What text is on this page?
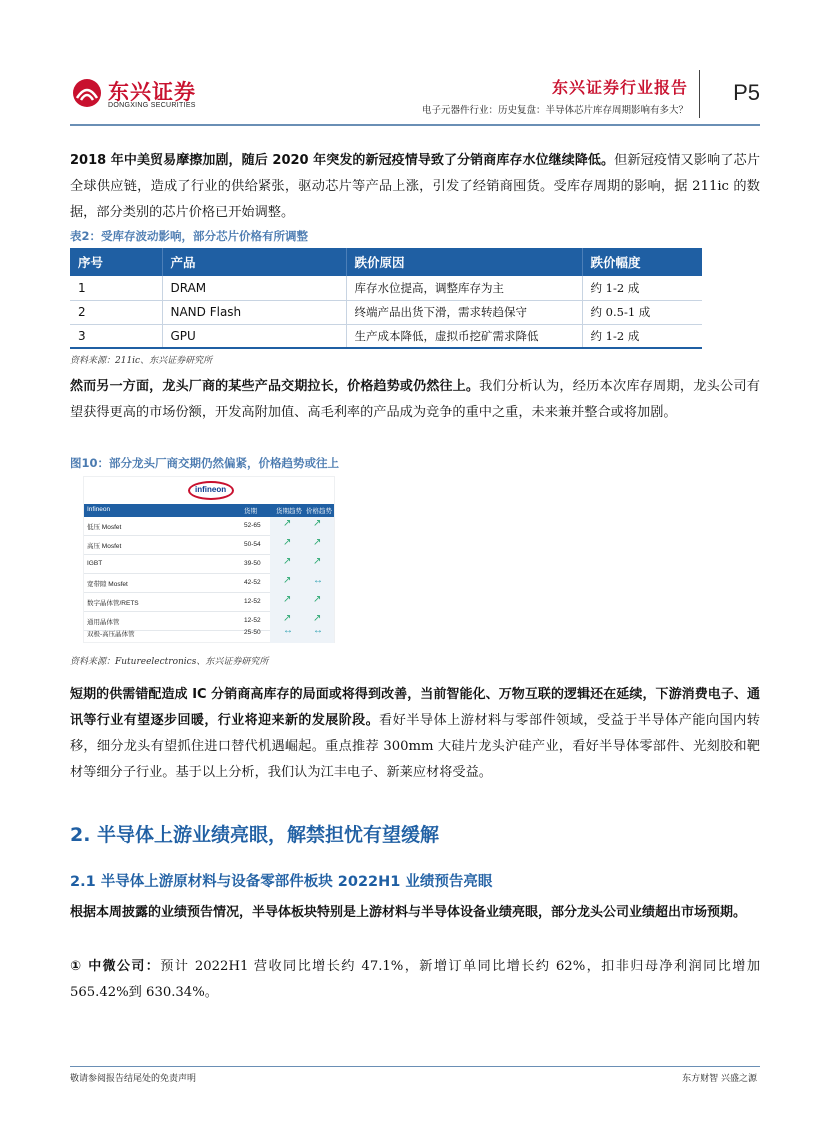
东兴证券
DONGXING SECURITIES
东兴证券行业报告
电子元器件行业：历史复盘：半导体芯片库存周期影响有多大？
P5
2018 年中美贸易摩擦加剧，随后 2020 年突发的新冠疫情导致了分销商库存水位继续降低。但新冠疫情又影响了芯片全球供应链，造成了行业的供给紧张，驱动芯片等产品上涨，引发了经销商囤货。受库存周期的影响，据 211ic 的数据，部分类别的芯片价格已开始调整。
表2：受库存波动影响，部分芯片价格有所调整
序号	产品	跌价原因	跌价幅度
1	DRAM	库存水位提高，调整库存为主	约 1-2 成
2	NAND Flash	终端产品出货下滑，需求转趋保守	约 0.5-1 成
3	GPU	生产成本降低，虚拟币挖矿需求降低	约 1-2 成
资料来源：211ic、东兴证券研究所
然而另一方面，龙头厂商的某些产品交期拉长，价格趋势或仍然往上。我们分析认为，经历本次库存周期，龙头公司有望获得更高的市场份额，开发高附加值、高毛利率的产品成为竞争的重中之重，未来兼并整合或将加剧。
图10：部分龙头厂商交期仍然偏紧，价格趋势或往上
infineon
Infineon	货期	货期趋势 价格趋势
低压 Mosfet	52-65 ↗ ↗
高压 Mosfet	50-54 ↗ ↗
IGBT	39-50 ↗ ↗
宽带隙 Mosfet	42-52 ↗ ↔
数字晶体管/RETS	12-52 ↗ ↗
通用晶体管	12-52 ↗ ↗
双极-高压晶体管	25-50 ↔ ↔
资料来源：Futureelectronics、东兴证券研究所
短期的供需错配造成 IC 分销商高库存的局面或将得到改善，当前智能化、万物互联的逻辑还在延续，下游消费电子、通讯等行业有望逐步回暖，行业将迎来新的发展阶段。看好半导体上游材料与零部件领域，受益于半导体产能向国内转移，细分龙头有望抓住进口替代机遇崛起。重点推荐 300mm 大硅片龙头沪硅产业，看好半导体零部件、光刻胶和靶材等细分子行业。基于以上分析，我们认为江丰电子、新莱应材将受益。
2. 半导体上游业绩亮眼，解禁担忧有望缓解
2.1 半导体上游原材料与设备零部件板块 2022H1 业绩预告亮眼
根据本周披露的业绩预告情况，半导体板块特别是上游材料与半导体设备业绩亮眼，部分龙头公司业绩超出市场预期。
① 中微公司：预计 2022H1 营收同比增长约 47.1%，新增订单同比增长约 62%，扣非归母净利润同比增加 565.42%到 630.34%。
敬请参阅报告结尾处的免责声明	东方财智 兴盛之源
